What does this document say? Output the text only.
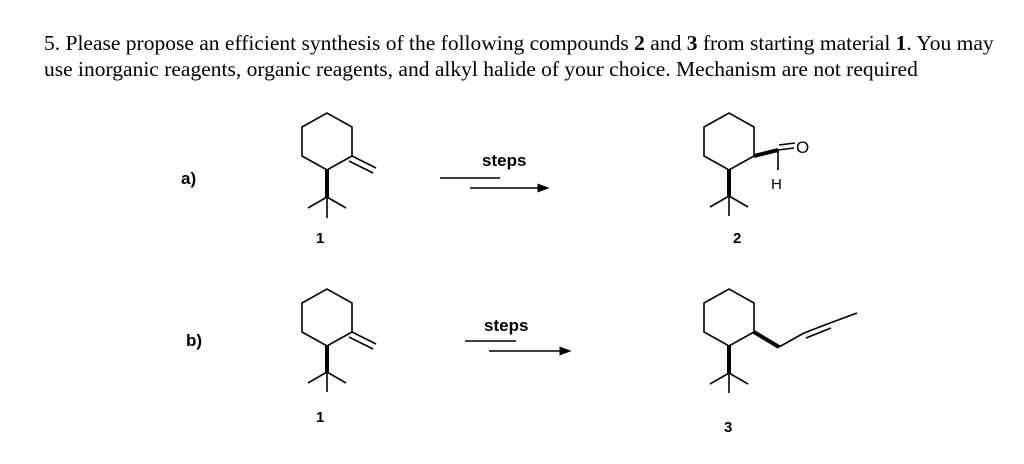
5. Please propose an efficient synthesis of the following compounds 2 and 3 from starting material 1. You may use inorganic reagents, organic reagents, and alkyl halide of your choice. Mechanism are not required
a)
b)
1
steps
O
H
2
1
steps
3
